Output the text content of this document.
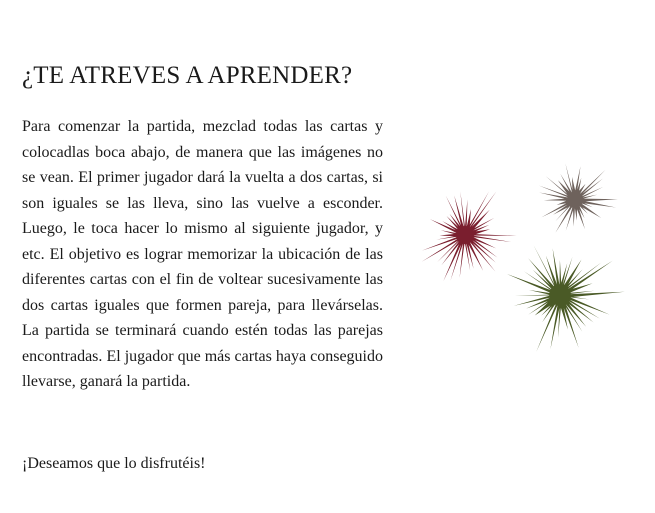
¿TE ATREVES A APRENDER?

Para comenzar la partida, mezclad todas las cartas y colocadlas boca abajo, de manera que las imágenes no se vean. El primer jugador dará la vuelta a dos cartas, si son iguales se las lleva, sino las vuelve a esconder. Luego, le toca hacer lo mismo al siguiente jugador, y etc. El objetivo es lograr memorizar la ubicación de las diferentes cartas con el fin de voltear sucesivamente las dos cartas iguales que formen pareja, para llevárselas. La partida se terminará cuando estén todas las parejas encontradas. El jugador que más cartas haya conseguido llevarse, ganará la partida.

¡Deseamos que lo disfrutéis!
